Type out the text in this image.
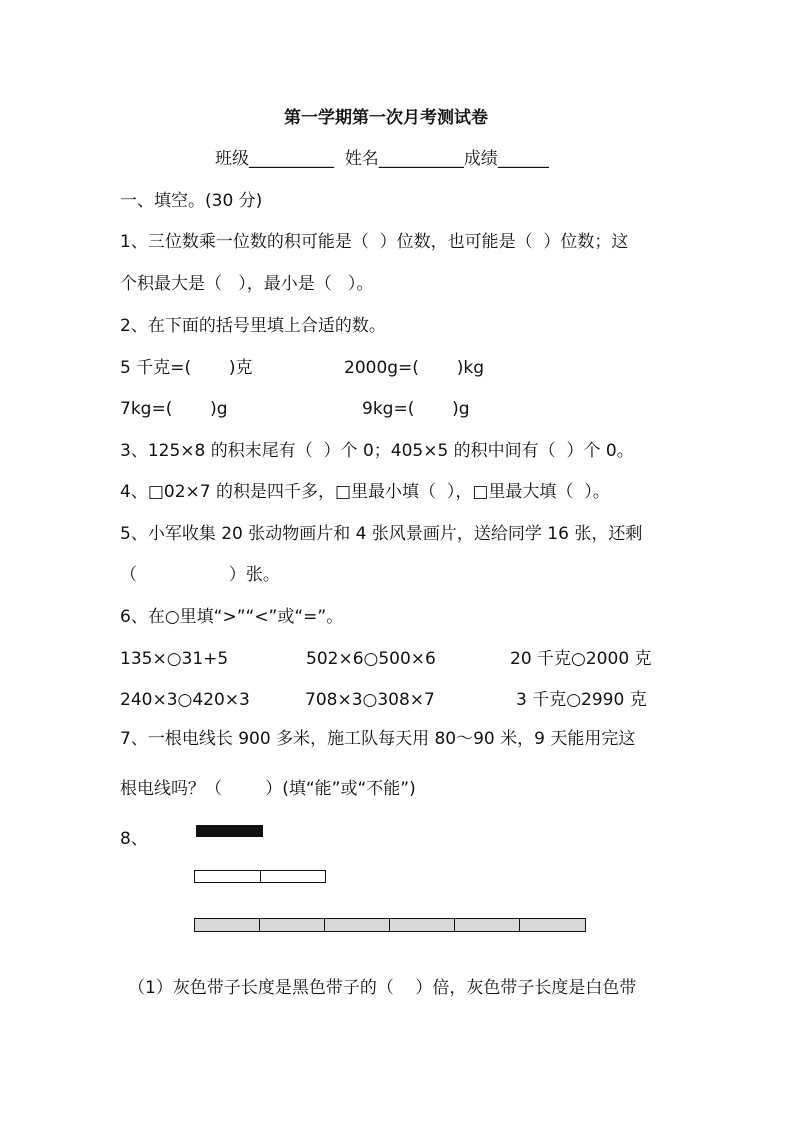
第一学期第一次月考测试卷
班级__________ 姓名__________成绩______
一、填空。(30 分)
1、三位数乘一位数的积可能是（  ）位数，也可能是（  ）位数；这
个积最大是（   ），最小是（   ）。
2、在下面的括号里填上合适的数。
5 千克=(       )克	2000g=(       )kg
7kg=(       )g	9kg=(       )g
3、125×8 的积末尾有（  ）个 0；405×5 的积中间有（  ）个 0。
4、□02×7 的积是四千多，□里最小填（  ），□里最大填（  ）。
5、小军收集 20 张动物画片和 4 张风景画片，送给同学 16 张，还剩
（                 ）张。
6、在○里填“>”“<”或“=”。
135×○31+5	502×6○500×6	20 千克○2000 克
240×3○420×3	708×3○308×7	3 千克○2990 克
7、一根电线长 900 多米，施工队每天用 80～90 米，9 天能用完这
根电线吗？（        ）(填“能”或“不能”)
8、
（1）灰色带子长度是黑色带子的（    ）倍，灰色带子长度是白色带
